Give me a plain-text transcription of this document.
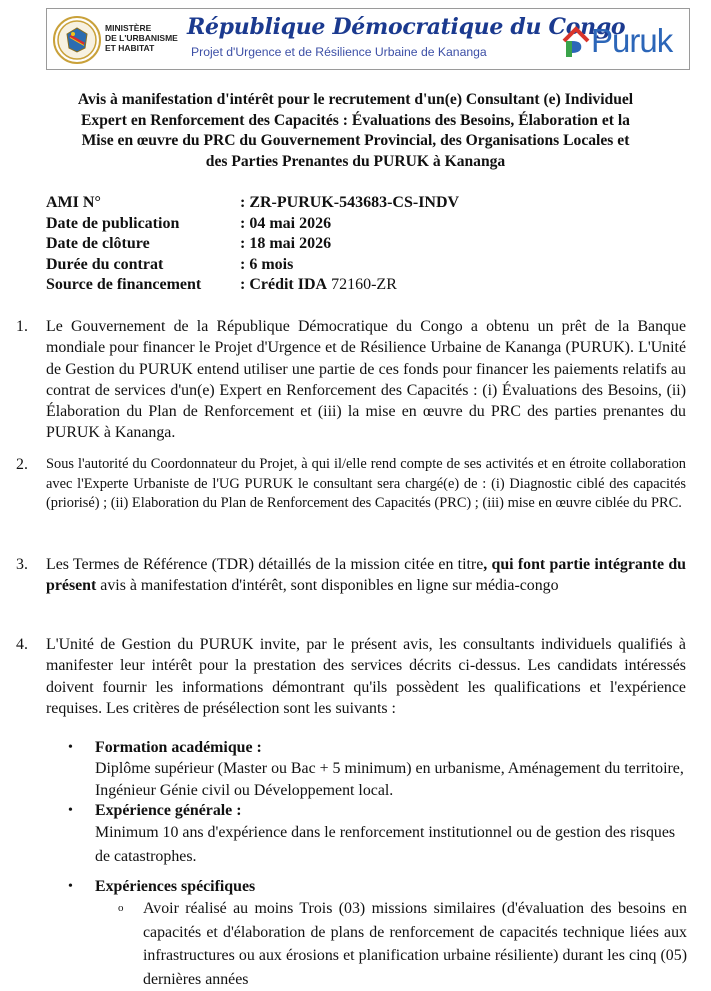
MINISTÈRE
DE L'URBANISME
ET HABITAT
République Démocratique du Congo
Projet d'Urgence et de Résilience Urbaine de Kananga	Puruk
Avis à manifestation d'intérêt pour le recrutement d'un(e) Consultant (e) Individuel
Expert en Renforcement des Capacités : Évaluations des Besoins, Élaboration et la
Mise en œuvre du PRC du Gouvernement Provincial, des Organisations Locales et
des Parties Prenantes du PURUK à Kananga
AMI N°	: ZR-PURUK-543683-CS-INDV
Date de publication	: 04 mai 2026
Date de clôture	: 18 mai 2026
Durée du contrat	: 6 mois
Source de financement	: Crédit IDA 72160-ZR
1. Le Gouvernement de la République Démocratique du Congo a obtenu un prêt de la Banque mondiale pour financer le Projet d'Urgence et de Résilience Urbaine de Kananga (PURUK). L'Unité de Gestion du PURUK entend utiliser une partie de ces fonds pour financer les paiements relatifs au contrat de services d'un(e) Expert en Renforcement des Capacités : (i) Évaluations des Besoins, (ii) Élaboration du Plan de Renforcement et (iii) la mise en œuvre du PRC des parties prenantes du PURUK à Kananga.
2. Sous l'autorité du Coordonnateur du Projet, à qui il/elle rend compte de ses activités et en étroite collaboration avec l'Experte Urbaniste de l'UG PURUK le consultant sera chargé(e) de : (i) Diagnostic ciblé des capacités (priorisé) ; (ii) Elaboration du Plan de Renforcement des Capacités (PRC) ; (iii) mise en œuvre ciblée du PRC.
3. Les Termes de Référence (TDR) détaillés de la mission citée en titre, qui font partie intégrante du présent avis à manifestation d'intérêt, sont disponibles en ligne sur média-congo
4. L'Unité de Gestion du PURUK invite, par le présent avis, les consultants individuels qualifiés à manifester leur intérêt pour la prestation des services décrits ci-dessus. Les candidats intéressés doivent fournir les informations démontrant qu'ils possèdent les qualifications et l'expérience requises. Les critères de présélection sont les suivants :
• Formation académique :
Diplôme supérieur (Master ou Bac + 5 minimum) en urbanisme, Aménagement du territoire, Ingénieur Génie civil ou Développement local.
• Expérience générale :
Minimum 10 ans d'expérience dans le renforcement institutionnel ou de gestion des risques de catastrophes.
• Expériences spécifiques
o Avoir réalisé au moins Trois (03) missions similaires (d'évaluation des besoins en capacités et d'élaboration de plans de renforcement de capacités technique liées aux infrastructures ou aux érosions et planification urbaine résiliente) durant les cinq (05) dernières années
